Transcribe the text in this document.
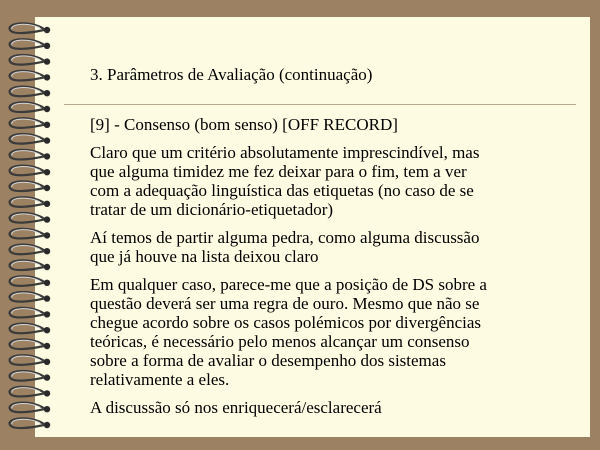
3. Parâmetros de Avaliação (continuação)

[9] - Consenso (bom senso) [OFF RECORD]

Claro que um critério absolutamente imprescindível, mas
que alguma timidez me fez deixar para o fim, tem a ver
com a adequação linguística das etiquetas (no caso de se
tratar de um dicionário-etiquetador)

Aí temos de partir alguma pedra, como alguma discussão
que já houve na lista deixou claro

Em qualquer caso, parece-me que a posição de DS sobre a
questão deverá ser uma regra de ouro. Mesmo que não se
chegue acordo sobre os casos polémicos por divergências
teóricas, é necessário pelo menos alcançar um consenso
sobre a forma de avaliar o desempenho dos sistemas
relativamente a eles.

A discussão só nos enriquecerá/esclarecerá
